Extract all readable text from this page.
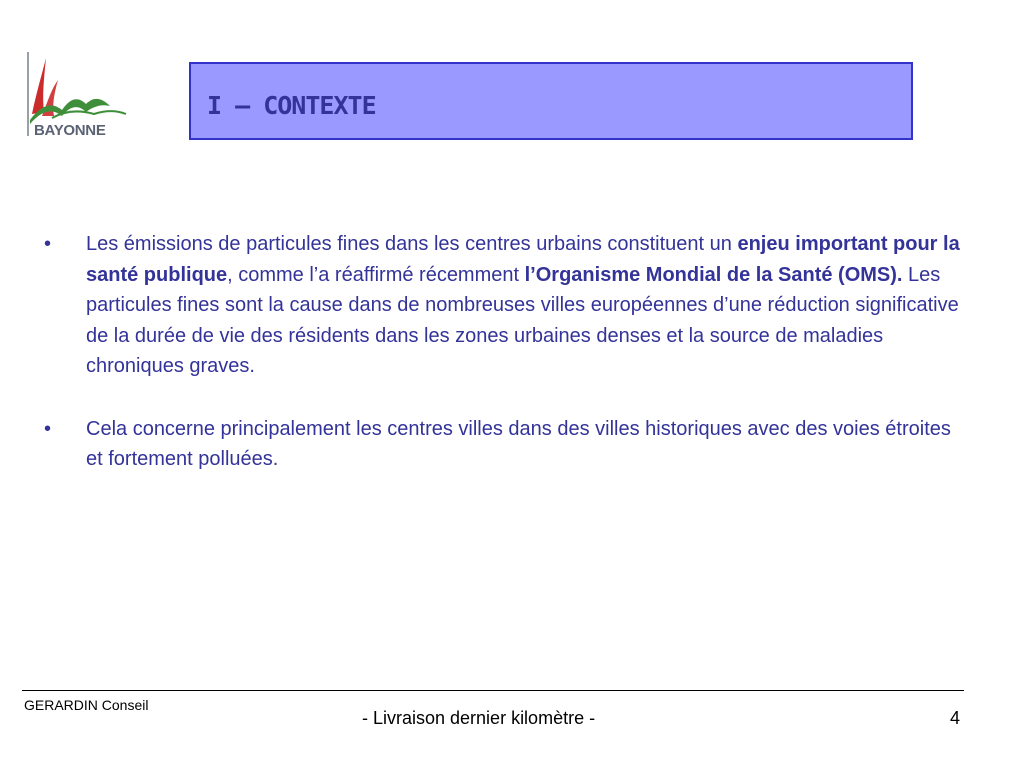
BAYONNE
I – CONTEXTE
• Les émissions de particules fines dans les centres urbains constituent un enjeu important pour la santé publique, comme l’a réaffirmé récemment l’Organisme Mondial de la Santé (OMS). Les particules fines sont la cause dans de nombreuses villes européennes d’une réduction significative de la durée de vie des résidents dans les zones urbaines denses et la source de maladies chroniques graves.
• Cela concerne principalement les centres villes dans des villes historiques avec des voies étroites et fortement polluées.
GERARDIN Conseil
- Livraison dernier kilomètre -	4
